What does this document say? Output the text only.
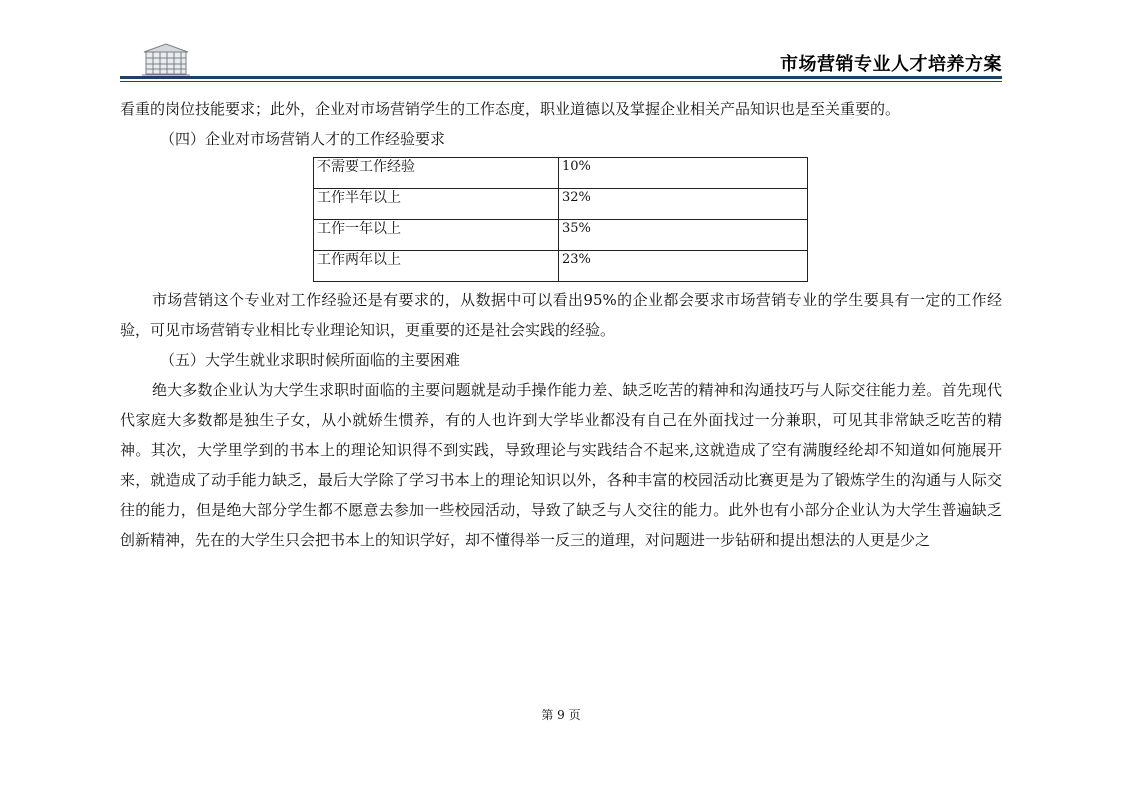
市场营销专业人才培养方案

看重的岗位技能要求；此外，企业对市场营销学生的工作态度，职业道德以及掌握企业相关产品知识也是至关重要的。

（四）企业对市场营销人才的工作经验要求

不需要工作经验	10%
工作半年以上	32%
工作一年以上	35%
工作两年以上	23%

市场营销这个专业对工作经验还是有要求的，从数据中可以看出95%的企业都会要求市场营销专业的学生要具有一定的工作经验，可见市场营销专业相比专业理论知识，更重要的还是社会实践的经验。

（五）大学生就业求职时候所面临的主要困难

绝大多数企业认为大学生求职时面临的主要问题就是动手操作能力差、缺乏吃苦的精神和沟通技巧与人际交往能力差。首先现代代家庭大多数都是独生子女，从小就娇生惯养，有的人也许到大学毕业都没有自己在外面找过一分兼职，可见其非常缺乏吃苦的精神。其次，大学里学到的书本上的理论知识得不到实践，导致理论与实践结合不起来,这就造成了空有满腹经纶却不知道如何施展开来，就造成了动手能力缺乏，最后大学除了学习书本上的理论知识以外，各种丰富的校园活动比赛更是为了锻炼学生的沟通与人际交往的能力，但是绝大部分学生都不愿意去参加一些校园活动，导致了缺乏与人交往的能力。此外也有小部分企业认为大学生普遍缺乏创新精神，先在的大学生只会把书本上的知识学好，却不懂得举一反三的道理，对问题进一步钻研和提出想法的人更是少之

第 9 页
